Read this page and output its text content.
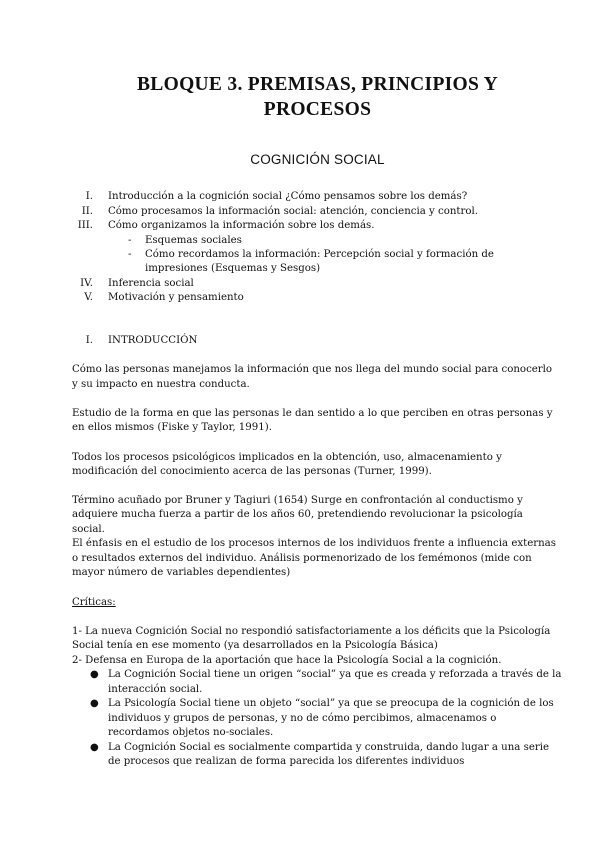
BLOQUE 3. PREMISAS, PRINCIPIOS Y
PROCESOS
COGNICIÓN SOCIAL
I. Introducción a la cognición social ¿Cómo pensamos sobre los demás?
II. Cómo procesamos la información social: atención, conciencia y control.
III. Cómo organizamos la información sobre los demás.
- Esquemas sociales
- Cómo recordamos la información: Percepción social y formación de
impresiones (Esquemas y Sesgos)
IV. Inferencia social
V. Motivación y pensamiento
I. INTRODUCCIÓN
Cómo las personas manejamos la información que nos llega del mundo social para conocerlo
y su impacto en nuestra conducta.
Estudio de la forma en que las personas le dan sentido a lo que perciben en otras personas y
en ellos mismos (Fiske y Taylor, 1991).
Todos los procesos psicológicos implicados en la obtención, uso, almacenamiento y
modificación del conocimiento acerca de las personas (Turner, 1999).
Término acuñado por Bruner y Tagiuri (1654) Surge en confrontación al conductismo y
adquiere mucha fuerza a partir de los años 60, pretendiendo revolucionar la psicología
social.
El énfasis en el estudio de los procesos internos de los individuos frente a influencia externas
o resultados externos del individuo. Análisis pormenorizado de los femémonos (mide con
mayor número de variables dependientes)
Críticas:
1- La nueva Cognición Social no respondió satisfactoriamente a los déficits que la Psicología
Social tenía en ese momento (ya desarrollados en la Psicología Básica)
2- Defensa en Europa de la aportación que hace la Psicología Social a la cognición.
● La Cognición Social tiene un origen “social” ya que es creada y reforzada a través de la
interacción social.
● La Psicología Social tiene un objeto “social” ya que se preocupa de la cognición de los
individuos y grupos de personas, y no de cómo percibimos, almacenamos o
recordamos objetos no-sociales.
● La Cognición Social es socialmente compartida y construida, dando lugar a una serie
de procesos que realizan de forma parecida los diferentes individuos
